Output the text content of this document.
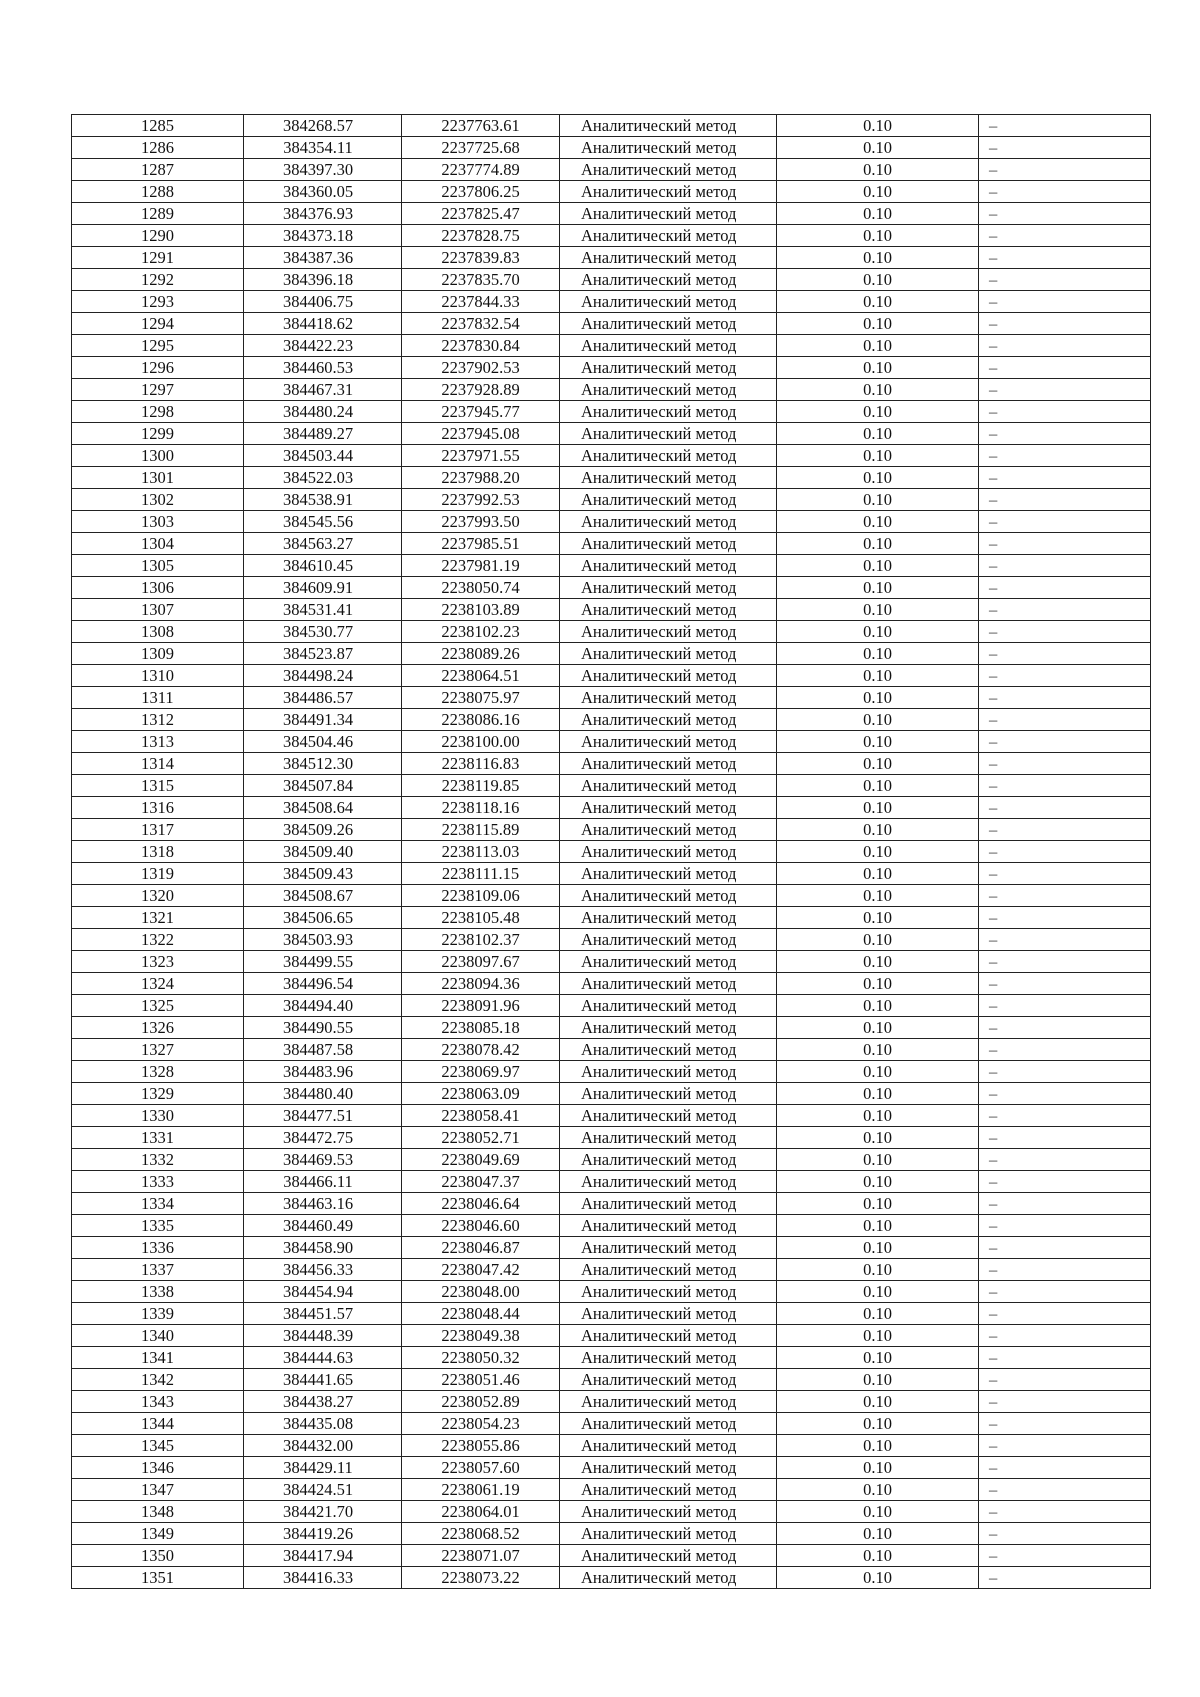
1285	384268.57	2237763.61	Аналитический метод	0.10	–
1286	384354.11	2237725.68	Аналитический метод	0.10	–
1287	384397.30	2237774.89	Аналитический метод	0.10	–
1288	384360.05	2237806.25	Аналитический метод	0.10	–
1289	384376.93	2237825.47	Аналитический метод	0.10	–
1290	384373.18	2237828.75	Аналитический метод	0.10	–
1291	384387.36	2237839.83	Аналитический метод	0.10	–
1292	384396.18	2237835.70	Аналитический метод	0.10	–
1293	384406.75	2237844.33	Аналитический метод	0.10	–
1294	384418.62	2237832.54	Аналитический метод	0.10	–
1295	384422.23	2237830.84	Аналитический метод	0.10	–
1296	384460.53	2237902.53	Аналитический метод	0.10	–
1297	384467.31	2237928.89	Аналитический метод	0.10	–
1298	384480.24	2237945.77	Аналитический метод	0.10	–
1299	384489.27	2237945.08	Аналитический метод	0.10	–
1300	384503.44	2237971.55	Аналитический метод	0.10	–
1301	384522.03	2237988.20	Аналитический метод	0.10	–
1302	384538.91	2237992.53	Аналитический метод	0.10	–
1303	384545.56	2237993.50	Аналитический метод	0.10	–
1304	384563.27	2237985.51	Аналитический метод	0.10	–
1305	384610.45	2237981.19	Аналитический метод	0.10	–
1306	384609.91	2238050.74	Аналитический метод	0.10	–
1307	384531.41	2238103.89	Аналитический метод	0.10	–
1308	384530.77	2238102.23	Аналитический метод	0.10	–
1309	384523.87	2238089.26	Аналитический метод	0.10	–
1310	384498.24	2238064.51	Аналитический метод	0.10	–
1311	384486.57	2238075.97	Аналитический метод	0.10	–
1312	384491.34	2238086.16	Аналитический метод	0.10	–
1313	384504.46	2238100.00	Аналитический метод	0.10	–
1314	384512.30	2238116.83	Аналитический метод	0.10	–
1315	384507.84	2238119.85	Аналитический метод	0.10	–
1316	384508.64	2238118.16	Аналитический метод	0.10	–
1317	384509.26	2238115.89	Аналитический метод	0.10	–
1318	384509.40	2238113.03	Аналитический метод	0.10	–
1319	384509.43	2238111.15	Аналитический метод	0.10	–
1320	384508.67	2238109.06	Аналитический метод	0.10	–
1321	384506.65	2238105.48	Аналитический метод	0.10	–
1322	384503.93	2238102.37	Аналитический метод	0.10	–
1323	384499.55	2238097.67	Аналитический метод	0.10	–
1324	384496.54	2238094.36	Аналитический метод	0.10	–
1325	384494.40	2238091.96	Аналитический метод	0.10	–
1326	384490.55	2238085.18	Аналитический метод	0.10	–
1327	384487.58	2238078.42	Аналитический метод	0.10	–
1328	384483.96	2238069.97	Аналитический метод	0.10	–
1329	384480.40	2238063.09	Аналитический метод	0.10	–
1330	384477.51	2238058.41	Аналитический метод	0.10	–
1331	384472.75	2238052.71	Аналитический метод	0.10	–
1332	384469.53	2238049.69	Аналитический метод	0.10	–
1333	384466.11	2238047.37	Аналитический метод	0.10	–
1334	384463.16	2238046.64	Аналитический метод	0.10	–
1335	384460.49	2238046.60	Аналитический метод	0.10	–
1336	384458.90	2238046.87	Аналитический метод	0.10	–
1337	384456.33	2238047.42	Аналитический метод	0.10	–
1338	384454.94	2238048.00	Аналитический метод	0.10	–
1339	384451.57	2238048.44	Аналитический метод	0.10	–
1340	384448.39	2238049.38	Аналитический метод	0.10	–
1341	384444.63	2238050.32	Аналитический метод	0.10	–
1342	384441.65	2238051.46	Аналитический метод	0.10	–
1343	384438.27	2238052.89	Аналитический метод	0.10	–
1344	384435.08	2238054.23	Аналитический метод	0.10	–
1345	384432.00	2238055.86	Аналитический метод	0.10	–
1346	384429.11	2238057.60	Аналитический метод	0.10	–
1347	384424.51	2238061.19	Аналитический метод	0.10	–
1348	384421.70	2238064.01	Аналитический метод	0.10	–
1349	384419.26	2238068.52	Аналитический метод	0.10	–
1350	384417.94	2238071.07	Аналитический метод	0.10	–
1351	384416.33	2238073.22	Аналитический метод	0.10	–
